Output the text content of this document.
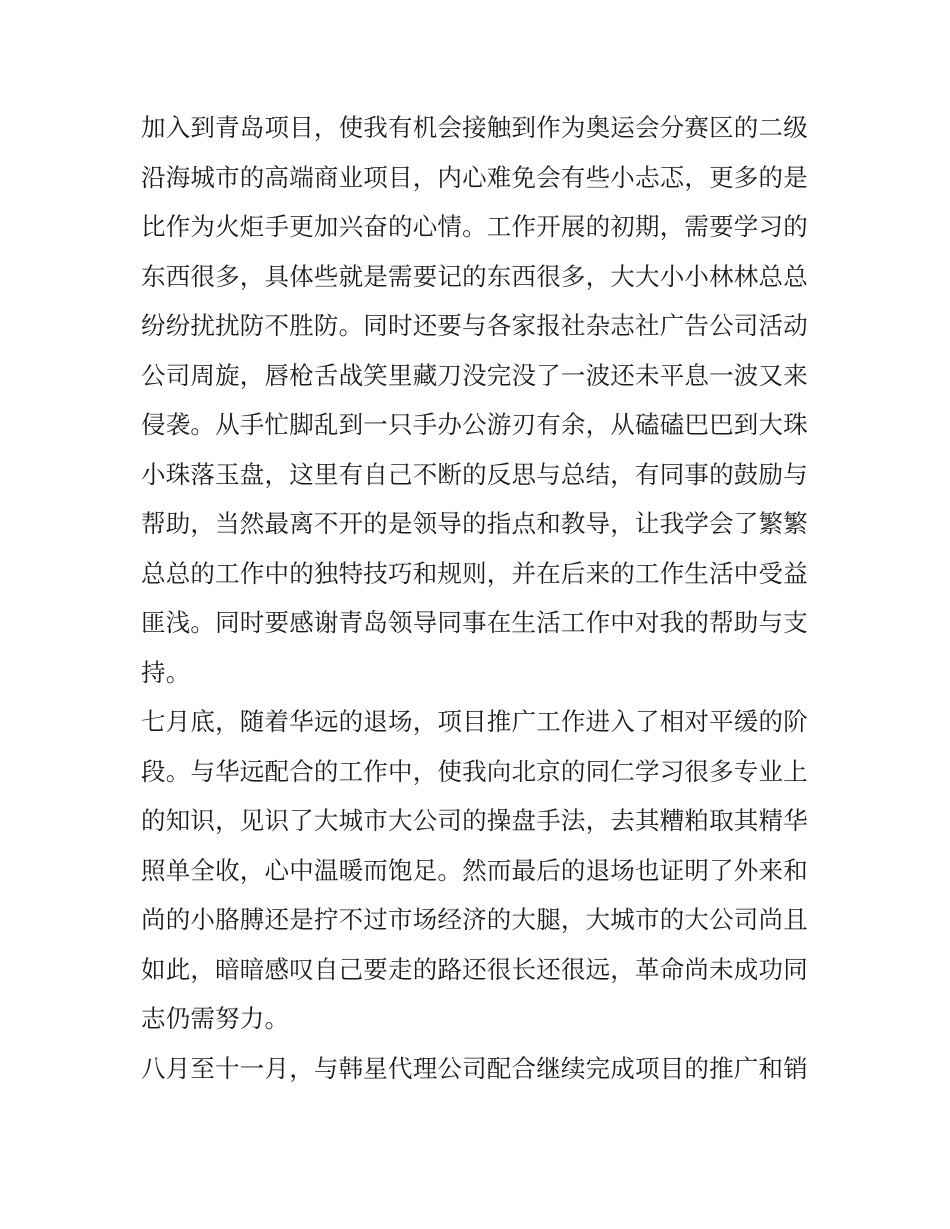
加入到青岛项目，使我有机会接触到作为奥运会分赛区的二级
沿海城市的高端商业项目，内心难免会有些小忐忑，更多的是
比作为火炬手更加兴奋的心情。工作开展的初期，需要学习的
东西很多，具体些就是需要记的东西很多，大大小小林林总总
纷纷扰扰防不胜防。同时还要与各家报社杂志社广告公司活动
公司周旋，唇枪舌战笑里藏刀没完没了一波还未平息一波又来
侵袭。从手忙脚乱到一只手办公游刃有余，从磕磕巴巴到大珠
小珠落玉盘，这里有自己不断的反思与总结，有同事的鼓励与
帮助，当然最离不开的是领导的指点和教导，让我学会了繁繁
总总的工作中的独特技巧和规则，并在后来的工作生活中受益
匪浅。同时要感谢青岛领导同事在生活工作中对我的帮助与支
持。
七月底，随着华远的退场，项目推广工作进入了相对平缓的阶
段。与华远配合的工作中，使我向北京的同仁学习很多专业上
的知识，见识了大城市大公司的操盘手法，去其糟粕取其精华
照单全收，心中温暖而饱足。然而最后的退场也证明了外来和
尚的小胳膊还是拧不过市场经济的大腿，大城市的大公司尚且
如此，暗暗感叹自己要走的路还很长还很远，革命尚未成功同
志仍需努力。
八月至十一月，与韩星代理公司配合继续完成项目的推广和销
